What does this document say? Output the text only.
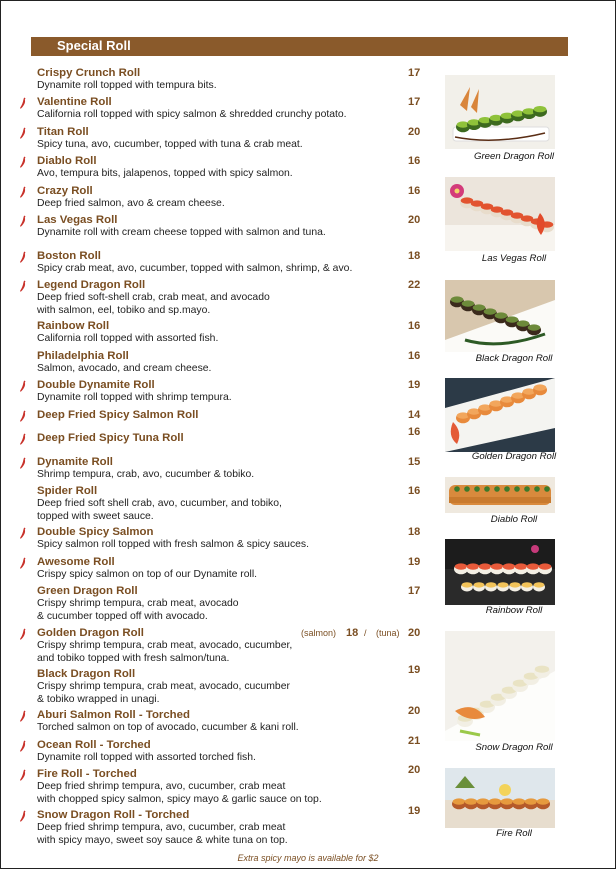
Special Roll
Crispy Crunch Roll
Dynamite roll topped with tempura bits.
17
Valentine Roll
California roll topped with spicy salmon & shredded crunchy potato.
17
Titan Roll
Spicy tuna, avo, cucumber, topped with tuna & crab meat.
20
Diablo Roll
Avo, tempura bits, jalapenos, topped with spicy salmon.
16
Crazy Roll
Deep fried salmon, avo & cream cheese.
16
Las Vegas Roll
Dynamite roll with cream cheese topped with salmon and tuna.
20
Boston Roll
Spicy crab meat, avo, cucumber, topped with salmon, shrimp, & avo.
18
Legend Dragon Roll
Deep fried soft-shell crab, crab meat, and avocado
with salmon, eel, tobiko and sp.mayo.
22
Rainbow Roll
California roll topped with assorted fish.
16
Philadelphia Roll
Salmon, avocado, and cream cheese.
16
Double Dynamite Roll
Dynamite roll topped with shrimp tempura.
19
Deep Fried Spicy Salmon Roll	14
Deep Fried Spicy Tuna Roll	16
Dynamite Roll
Shrimp tempura, crab, avo, cucumber & tobiko.
15
Spider Roll
Deep fried soft shell crab, avo, cucumber, and tobiko,
topped with sweet sauce.
16
Double Spicy Salmon
Spicy salmon roll topped with fresh salmon & spicy sauces.
18
Awesome Roll
Crispy spicy salmon on top of our Dynamite roll.
19
Green Dragon Roll
Crispy shrimp tempura, crab meat, avocado
& cucumber topped off with avocado.
17
Golden Dragon Roll
Crispy shrimp tempura, crab meat, avocado, cucumber,
and tobiko topped with fresh salmon/tuna.
(salmon) 18 / (tuna) 20
Black Dragon Roll
Crispy shrimp tempura, crab meat, avocado, cucumber
& tobiko wrapped in unagi.
19
Aburi Salmon Roll - Torched
Torched salmon on top of avocado, cucumber & kani roll.
20
Ocean Roll - Torched
Dynamite roll topped with assorted torched fish.
21
Fire Roll - Torched
Deep fried shrimp tempura, avo, cucumber, crab meat
with chopped spicy salmon, spicy mayo & garlic sauce on top.
20
Snow Dragon Roll - Torched
Deep fried shrimp tempura, avo, cucumber, crab meat
with spicy mayo, sweet soy sauce & white tuna on top.
19
Green Dragon Roll
Las Vegas Roll
Black Dragon Roll
Golden Dragon Roll
Diablo Roll
Rainbow Roll
Snow Dragon Roll
Fire Roll
Extra spicy mayo is available for $2
